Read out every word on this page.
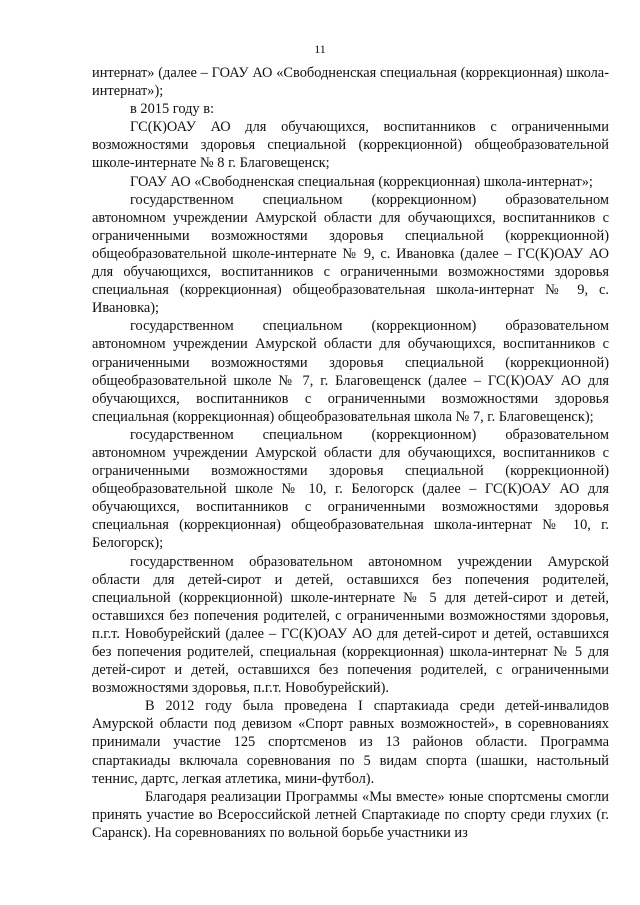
11

интернат» (далее – ГОАУ АО «Свободненская специальная (коррекционная) школа-интернат»);

в 2015 году в:

ГС(К)ОАУ АО для обучающихся, воспитанников с ограниченными возможностями здоровья специальной (коррекционной) общеобразовательной школе-интернате № 8 г. Благовещенск;

ГОАУ АО «Свободненская специальная (коррекционная) школа-интернат»;

государственном специальном (коррекционном) образовательном автономном учреждении Амурской области для обучающихся, воспитанников с ограниченными возможностями здоровья специальной (коррекционной) общеобразовательной школе-интернате № 9, с. Ивановка (далее – ГС(К)ОАУ АО для обучающихся, воспитанников с ограниченными возможностями здоровья специальная (коррекционная) общеобразовательная школа-интернат № 9, с. Ивановка);

государственном специальном (коррекционном) образовательном автономном учреждении Амурской области для обучающихся, воспитанников с ограниченными возможностями здоровья специальной (коррекционной) общеобразовательной школе № 7, г. Благовещенск (далее – ГС(К)ОАУ АО для обучающихся, воспитанников с ограниченными возможностями здоровья специальная (коррекционная) общеобразовательная школа № 7, г. Благовещенск);

государственном специальном (коррекционном) образовательном автономном учреждении Амурской области для обучающихся, воспитанников с ограниченными возможностями здоровья специальной (коррекционной) общеобразовательной школе № 10, г. Белогорск (далее – ГС(К)ОАУ АО для обучающихся, воспитанников с ограниченными возможностями здоровья специальная (коррекционная) общеобразовательная школа-интернат № 10, г. Белогорск);

государственном образовательном автономном учреждении Амурской области для детей-сирот и детей, оставшихся без попечения родителей, специальной (коррекционной) школе-интернате № 5 для детей-сирот и детей, оставшихся без попечения родителей, с ограниченными возможностями здоровья, п.г.т. Новобурейский (далее – ГС(К)ОАУ АО для детей-сирот и детей, оставшихся без попечения родителей, специальная (коррекционная) школа-интернат № 5 для детей-сирот и детей, оставшихся без попечения родителей, с ограниченными возможностями здоровья, п.г.т. Новобурейский).

В 2012 году была проведена I спартакиада среди детей-инвалидов Амурской области под девизом «Спорт равных возможностей», в соревнованиях принимали участие 125 спортсменов из 13 районов области. Программа спартакиады включала соревнования по 5 видам спорта (шашки, настольный теннис, дартс, легкая атлетика, мини-футбол).

Благодаря реализации Программы «Мы вместе» юные спортсмены смогли принять участие во Всероссийской летней Спартакиаде по спорту среди глухих (г. Саранск). На соревнованиях по вольной борьбе участники из
